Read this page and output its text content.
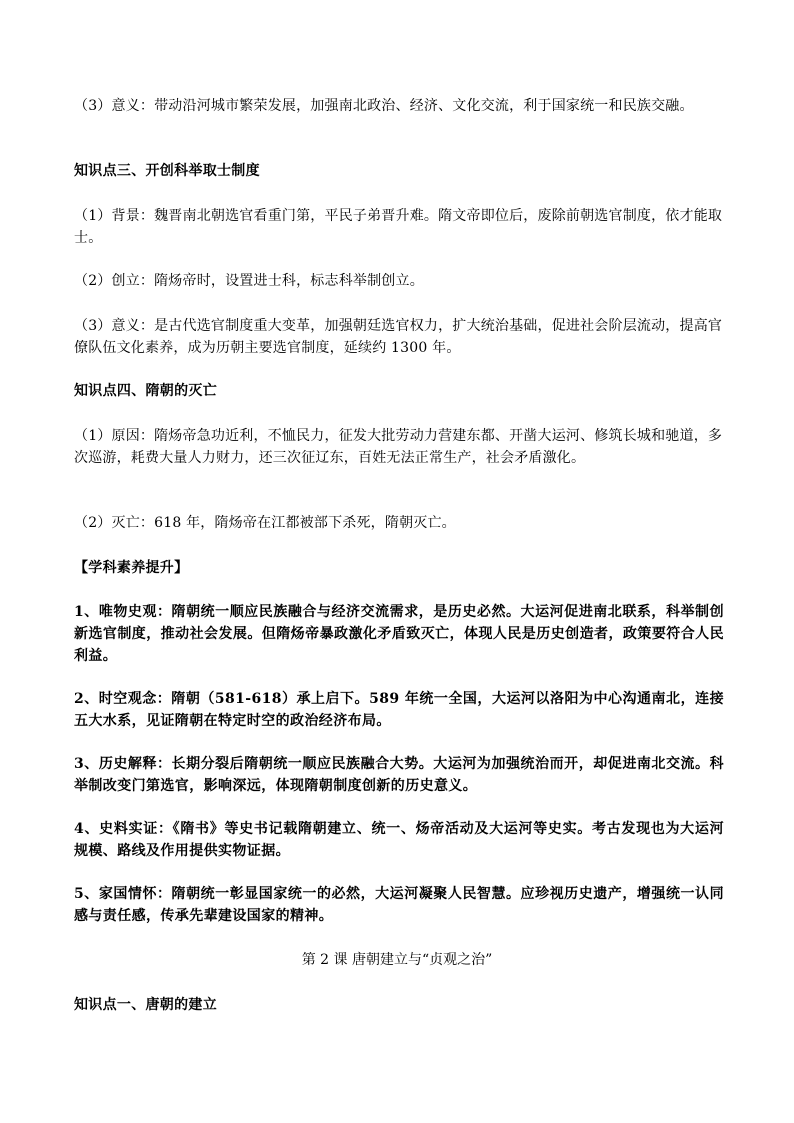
（3）意义：带动沿河城市繁荣发展，加强南北政治、经济、文化交流，利于国家统一和民族交融。

知识点三、开创科举取士制度

（1）背景：魏晋南北朝选官看重门第，平民子弟晋升难。隋文帝即位后，废除前朝选官制度，依才能取士。

（2）创立：隋炀帝时，设置进士科，标志科举制创立。

（3）意义：是古代选官制度重大变革，加强朝廷选官权力，扩大统治基础，促进社会阶层流动，提高官僚队伍文化素养，成为历朝主要选官制度，延续约 1300 年。

知识点四、隋朝的灭亡

（1）原因：隋炀帝急功近利，不恤民力，征发大批劳动力营建东都、开凿大运河、修筑长城和驰道，多次巡游，耗费大量人力财力，还三次征辽东，百姓无法正常生产，社会矛盾激化。

（2）灭亡：618 年，隋炀帝在江都被部下杀死，隋朝灭亡。

【学科素养提升】

1、唯物史观：隋朝统一顺应民族融合与经济交流需求，是历史必然。大运河促进南北联系，科举制创新选官制度，推动社会发展。但隋炀帝暴政激化矛盾致灭亡，体现人民是历史创造者，政策要符合人民利益。

2、时空观念：隋朝（581-618）承上启下。589 年统一全国，大运河以洛阳为中心沟通南北，连接五大水系，见证隋朝在特定时空的政治经济布局。

3、历史解释：长期分裂后隋朝统一顺应民族融合大势。大运河为加强统治而开，却促进南北交流。科举制改变门第选官，影响深远，体现隋朝制度创新的历史意义。

4、史料实证：《隋书》等史书记载隋朝建立、统一、炀帝活动及大运河等史实。考古发现也为大运河规模、路线及作用提供实物证据。

5、家国情怀：隋朝统一彰显国家统一的必然，大运河凝聚人民智慧。应珍视历史遗产，增强统一认同感与责任感，传承先辈建设国家的精神。

第 2 课 唐朝建立与“贞观之治”
知识点一、唐朝的建立
